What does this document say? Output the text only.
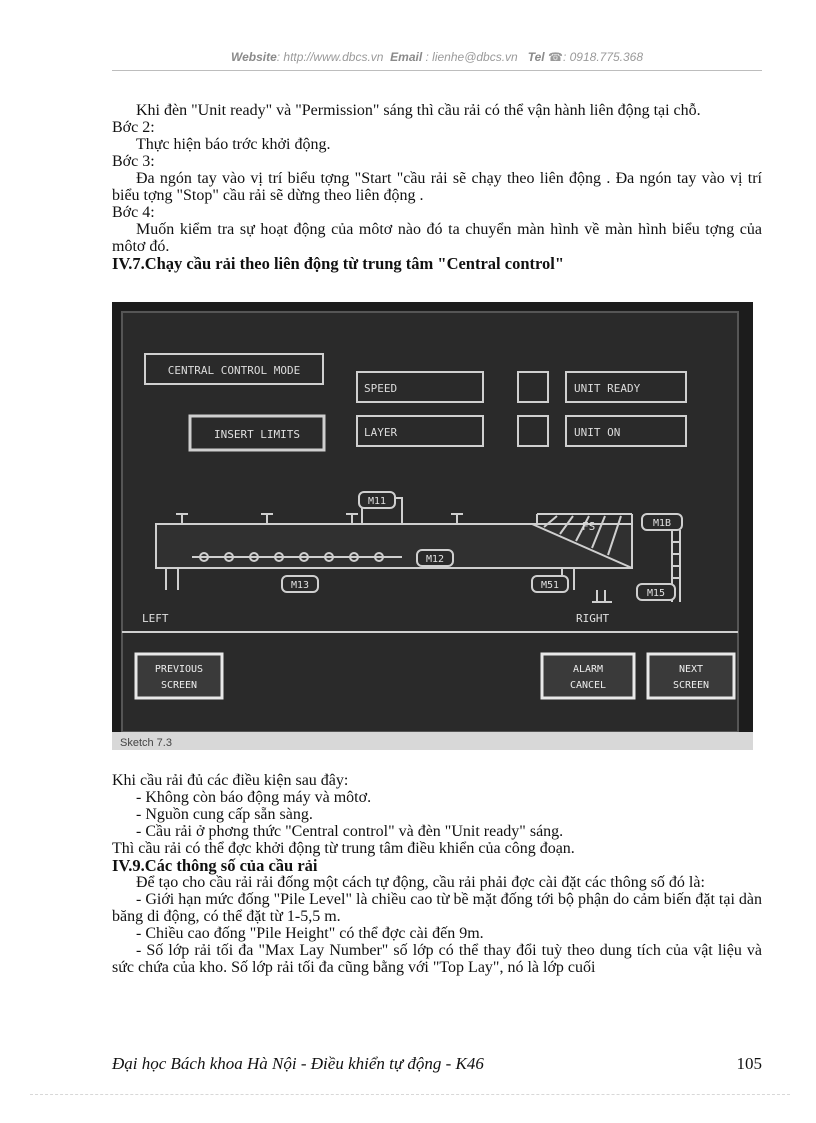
Website: http://www.dbcs.vn Email : lienhe@dbcs.vn Tel ☎: 0918.775.368

Khi đèn "Unit ready" và "Permission" sáng thì cầu rải có thể vận hành liên động tại chỗ.

Bớc 2:

Thực hiện báo trớc khởi động.

Bớc 3:

Đa ngón tay vào vị trí biểu tợng "Start "cầu rải sẽ chạy theo liên động . Đa ngón tay vào vị trí biểu tợng "Stop" cầu rải sẽ dừng theo liên động .

Bớc 4:

Muốn kiểm tra sự hoạt động của môtơ nào đó ta chuyển màn hình về màn hình biểu tợng của môtơ đó.

IV.7.Chạy cầu rải theo liên động từ trung tâm "Central control"

CENTRAL CONTROL MODE
INSERT LIMITS
SPEED
LAYER
UNIT READY
UNIT ON
M11
M1B
M12
M13	M51
M15
FS
LEFT	RIGHT
PREVIOUS
SCREEN
ALARM
CANCEL
NEXT
SCREEN
Sketch 7.3

Khi cầu rải đủ các điều kiện sau đây:

- Không còn báo động máy và môtơ.

- Nguồn cung cấp sẵn sàng.

- Cầu rải ở phơng thức "Central control" và đèn "Unit ready" sáng.

Thì cầu rải có thể đợc khởi động từ trung tâm điều khiển của công đoạn.

IV.9.Các thông số của cầu rải

Để tạo cho cầu rải rải đống một cách tự động, cầu rải phải đợc cài đặt các thông số đó là:

- Giới hạn mức đống "Pile Level" là chiều cao từ bề mặt đống tới bộ phận do cảm biến đặt tại dàn băng di động, có thể đặt từ 1-5,5 m.

- Chiều cao đống "Pile Height" có thể đợc cài đến 9m.

- Số lớp rải tối đa "Max Lay Number" số lớp có thể thay đổi tuỳ theo dung tích của vật liệu và sức chứa của kho. Số lớp rải tối đa cũng bằng với "Top Lay", nó là lớp cuối

Đại học Bách khoa Hà Nội - Điều khiển tự động - K46	105
